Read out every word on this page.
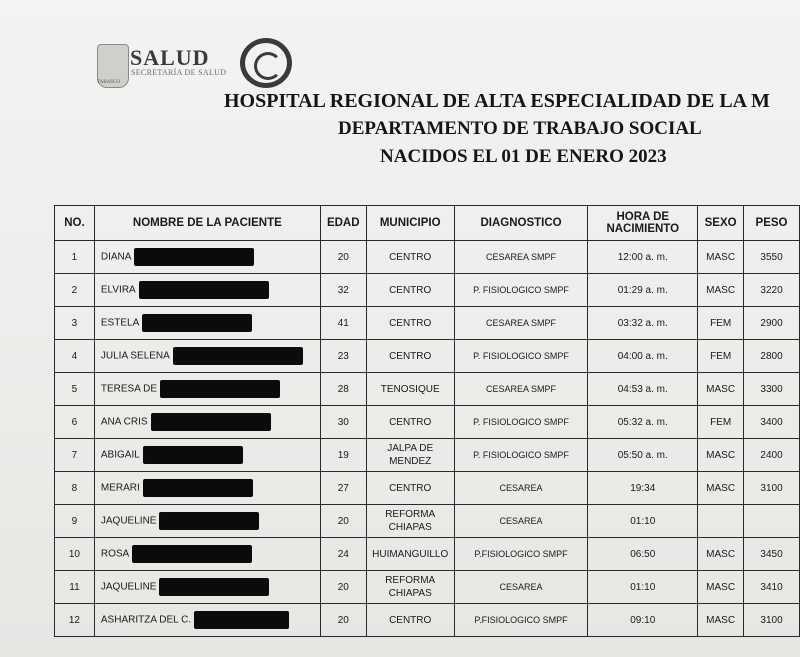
TABASCO
SALUD
SECRETARÍA DE SALUD
HOSPITAL REGIONAL DE ALTA ESPECIALIDAD DE LA M
DEPARTAMENTO DE TRABAJO SOCIAL
NACIDOS EL 01 DE ENERO 2023
NO.	NOMBRE DE LA PACIENTE	EDAD	MUNICIPIO	DIAGNOSTICO	HORA DE NACIMIENTO	SEXO	PESO
1	DIANA	20	CENTRO	CESAREA SMPF	12:00 a. m.	MASC	3550
2	ELVIRA	32	CENTRO	P. FISIOLOGICO SMPF	01:29 a. m.	MASC	3220
3	ESTELA	41	CENTRO	CESAREA SMPF	03:32 a. m.	FEM	2900
4	JULIA SELENA	23	CENTRO	P. FISIOLOGICO SMPF	04:00 a. m.	FEM	2800
5	TERESA DE	28	TENOSIQUE	CESAREA SMPF	04:53 a. m.	MASC	3300
6	ANA CRIS	30	CENTRO	P. FISIOLOGICO SMPF	05:32 a. m.	FEM	3400
7	ABIGAIL	19	JALPA DE MENDEZ	P. FISIOLOGICO SMPF	05:50 a. m.	MASC	2400
8	MERARI	27	CENTRO	CESAREA	19:34	MASC	3100
9	JAQUELINE	20	REFORMA CHIAPAS	CESAREA	01:10		
10	ROSA	24	HUIMANGUILLO	P.FISIOLOGICO SMPF	06:50	MASC	3450
11	JAQUELINE	20	REFORMA CHIAPAS	CESAREA	01:10	MASC	3410
12	ASHARITZA DEL C.	20	CENTRO	P.FISIOLOGICO SMPF	09:10	MASC	3100
